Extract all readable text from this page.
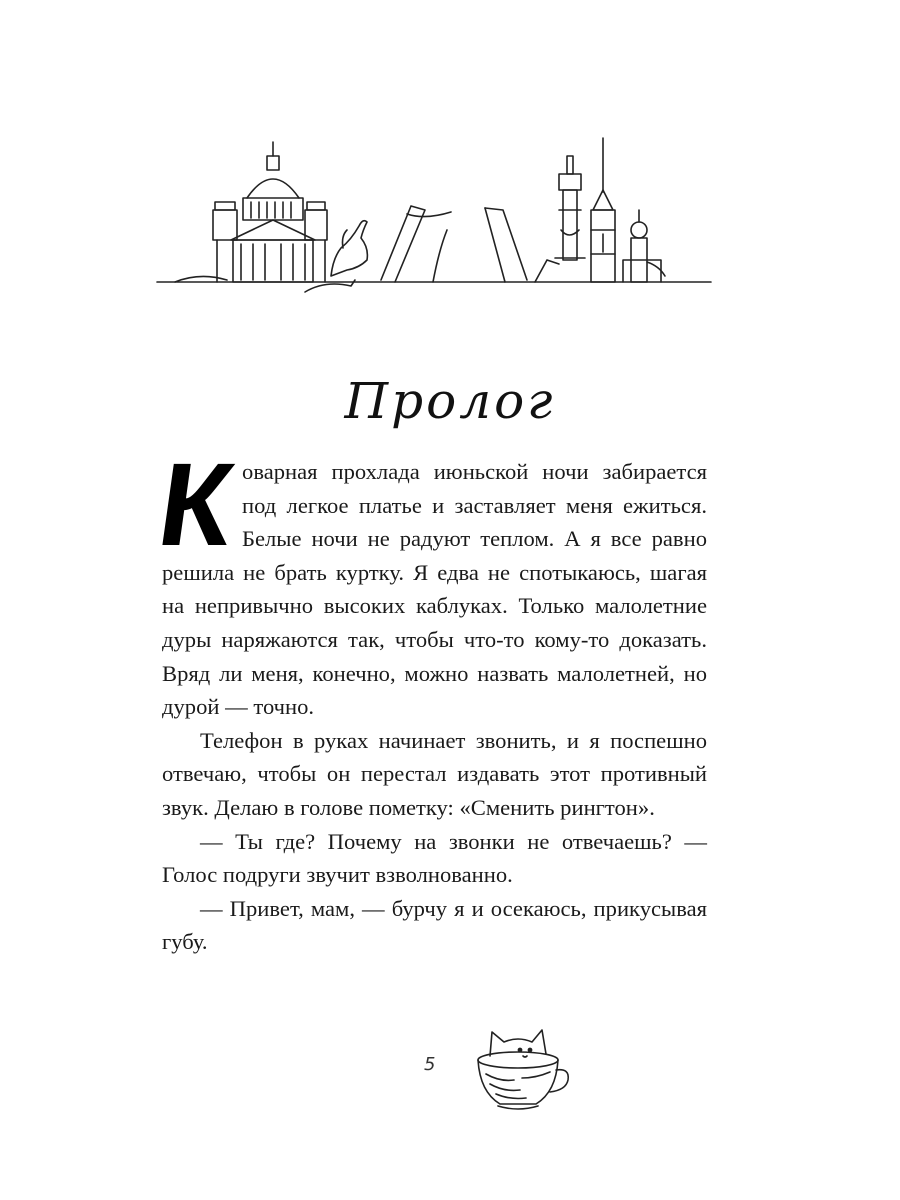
Пролог

Коварная прохлада июньской ночи забирается под легкое платье и заставляет меня ежиться. Белые ночи не радуют теплом. А я все равно решила не брать куртку. Я едва не спотыкаюсь, шагая на непривычно высоких каблуках. Только малолетние дуры наряжаются так, чтобы что-то кому-то доказать. Вряд ли меня, конечно, можно назвать малолетней, но дурой — точно.

Телефон в руках начинает звонить, и я поспешно отвечаю, чтобы он перестал издавать этот противный звук. Делаю в голове пометку: «Сменить рингтон».

— Ты где? Почему на звонки не отвечаешь? — Голос подруги звучит взволнованно.

— Привет, мам, — бурчу я и осекаюсь, прикусывая губу.

5
